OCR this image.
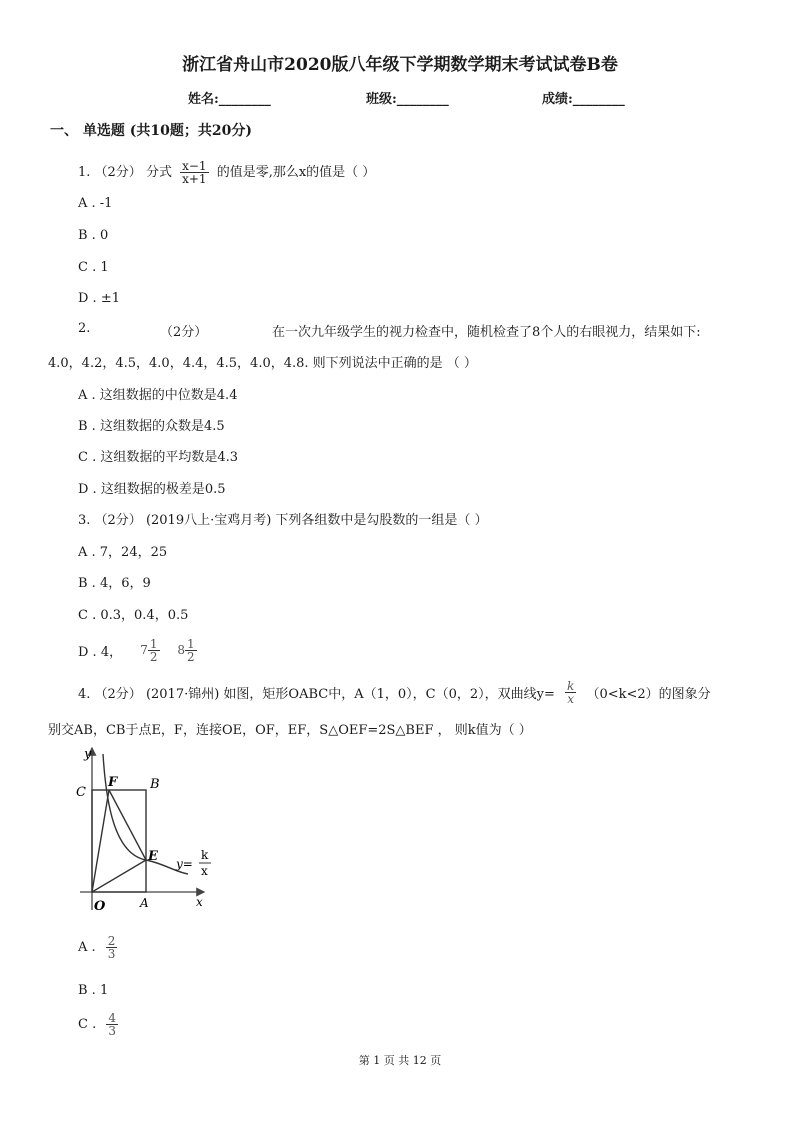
浙江省舟山市2020版八年级下学期数学期末考试试卷B卷
姓名:________	班级:________	成绩:________
一、 单选题 (共10题；共20分)
1. （2分） 分式 $\frac{x-1}{x+1}$ 的值是零,那么x的值是（ ）
A . -1
B . 0
C . 1
D . ±1
2.	（2分）	在一次九年级学生的视力检查中，随机检查了8个人的右眼视力，结果如下:
4.0，4.2，4.5，4.0，4.4，4.5，4.0，4.8. 则下列说法中正确的是 （ ）
A . 这组数据的中位数是4.4
B . 这组数据的众数是4.5
C . 这组数据的平均数是4.3
D . 这组数据的极差是0.5
3. （2分） (2019八上·宝鸡月考) 下列各组数中是勾股数的一组是（ ）
A . 7，24，25
B . 4，6，9
C . 0.3，0.4，0.5
D . 4， $7 \frac{1}{2} 8 \frac{1}{2}$
4. （2分） (2017·锦州) 如图，矩形OABC中，A（1，0），C（0，2），双曲线$y= \frac{k}{x} (0<k<2)$的图象分
别交AB，CB于点E，F，连接OE，OF，EF，S△OEF=2S△BEF ， 则k值为（ ）
y
C
F	B
E
O	A	x
y=
k
x
A . $\frac{2}{3}$
B . 1
C . $\frac{4}{3}$
第 1 页 共 12 页
